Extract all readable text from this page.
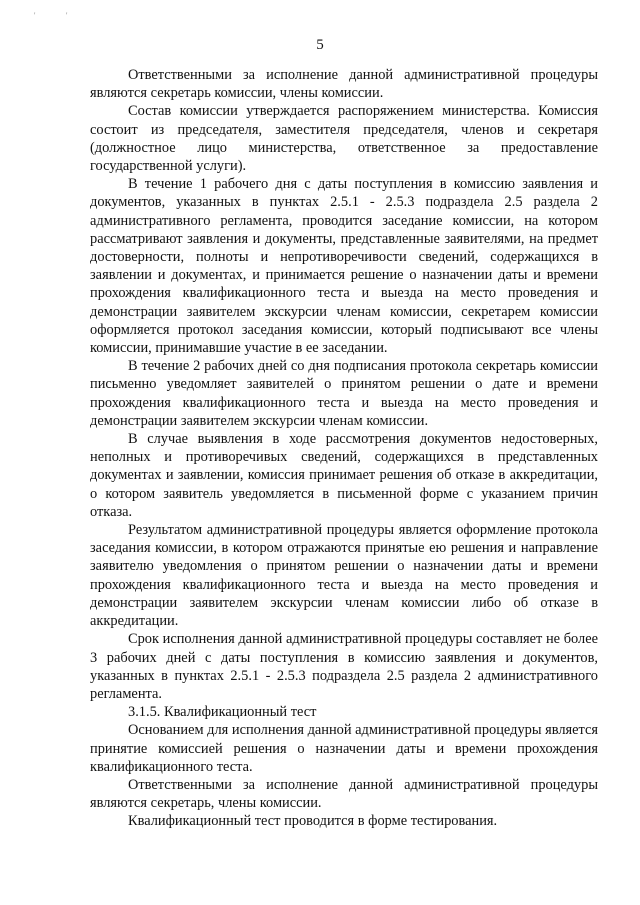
'	'
5

Ответственными за исполнение данной административной процедуры являются секретарь комиссии, члены комиссии.

Состав комиссии утверждается распоряжением министерства. Комиссия состоит из председателя, заместителя председателя, членов и секретаря (должностное лицо министерства, ответственное за предоставление государственной услуги).

В течение 1 рабочего дня с даты поступления в комиссию заявления и документов, указанных в пунктах 2.5.1 - 2.5.3 подраздела 2.5 раздела 2 административного регламента, проводится заседание комиссии, на котором рассматривают заявления и документы, представленные заявителями, на предмет достоверности, полноты и непротиворечивости сведений, содержащихся в заявлении и документах, и принимается решение о назначении даты и времени прохождения квалификационного теста и выезда на место проведения и демонстрации заявителем экскурсии членам комиссии, секретарем комиссии оформляется протокол заседания комиссии, который подписывают все члены комиссии, принимавшие участие в ее заседании.

В течение 2 рабочих дней со дня подписания протокола секретарь комиссии письменно уведомляет заявителей о принятом решении о дате и времени прохождения квалификационного теста и выезда на место проведения и демонстрации заявителем экскурсии членам комиссии.

В случае выявления в ходе рассмотрения документов недостоверных, неполных и противоречивых сведений, содержащихся в представленных документах и заявлении, комиссия принимает решения об отказе в аккредитации, о котором заявитель уведомляется в письменной форме с указанием причин отказа.

Результатом административной процедуры является оформление протокола заседания комиссии, в котором отражаются принятые ею решения и направление заявителю уведомления о принятом решении о назначении даты и времени прохождения квалификационного теста и выезда на место проведения и демонстрации заявителем экскурсии членам комиссии либо об отказе в аккредитации.

Срок исполнения данной административной процедуры составляет не более 3 рабочих дней с даты поступления в комиссию заявления и документов, указанных в пунктах 2.5.1 - 2.5.3 подраздела 2.5 раздела 2 административного регламента.

3.1.5. Квалификационный тест

Основанием для исполнения данной административной процедуры является принятие комиссией решения о назначении даты и времени прохождения квалификационного теста.

Ответственными за исполнение данной административной процедуры являются секретарь, члены комиссии.

Квалификационный тест проводится в форме тестирования.
